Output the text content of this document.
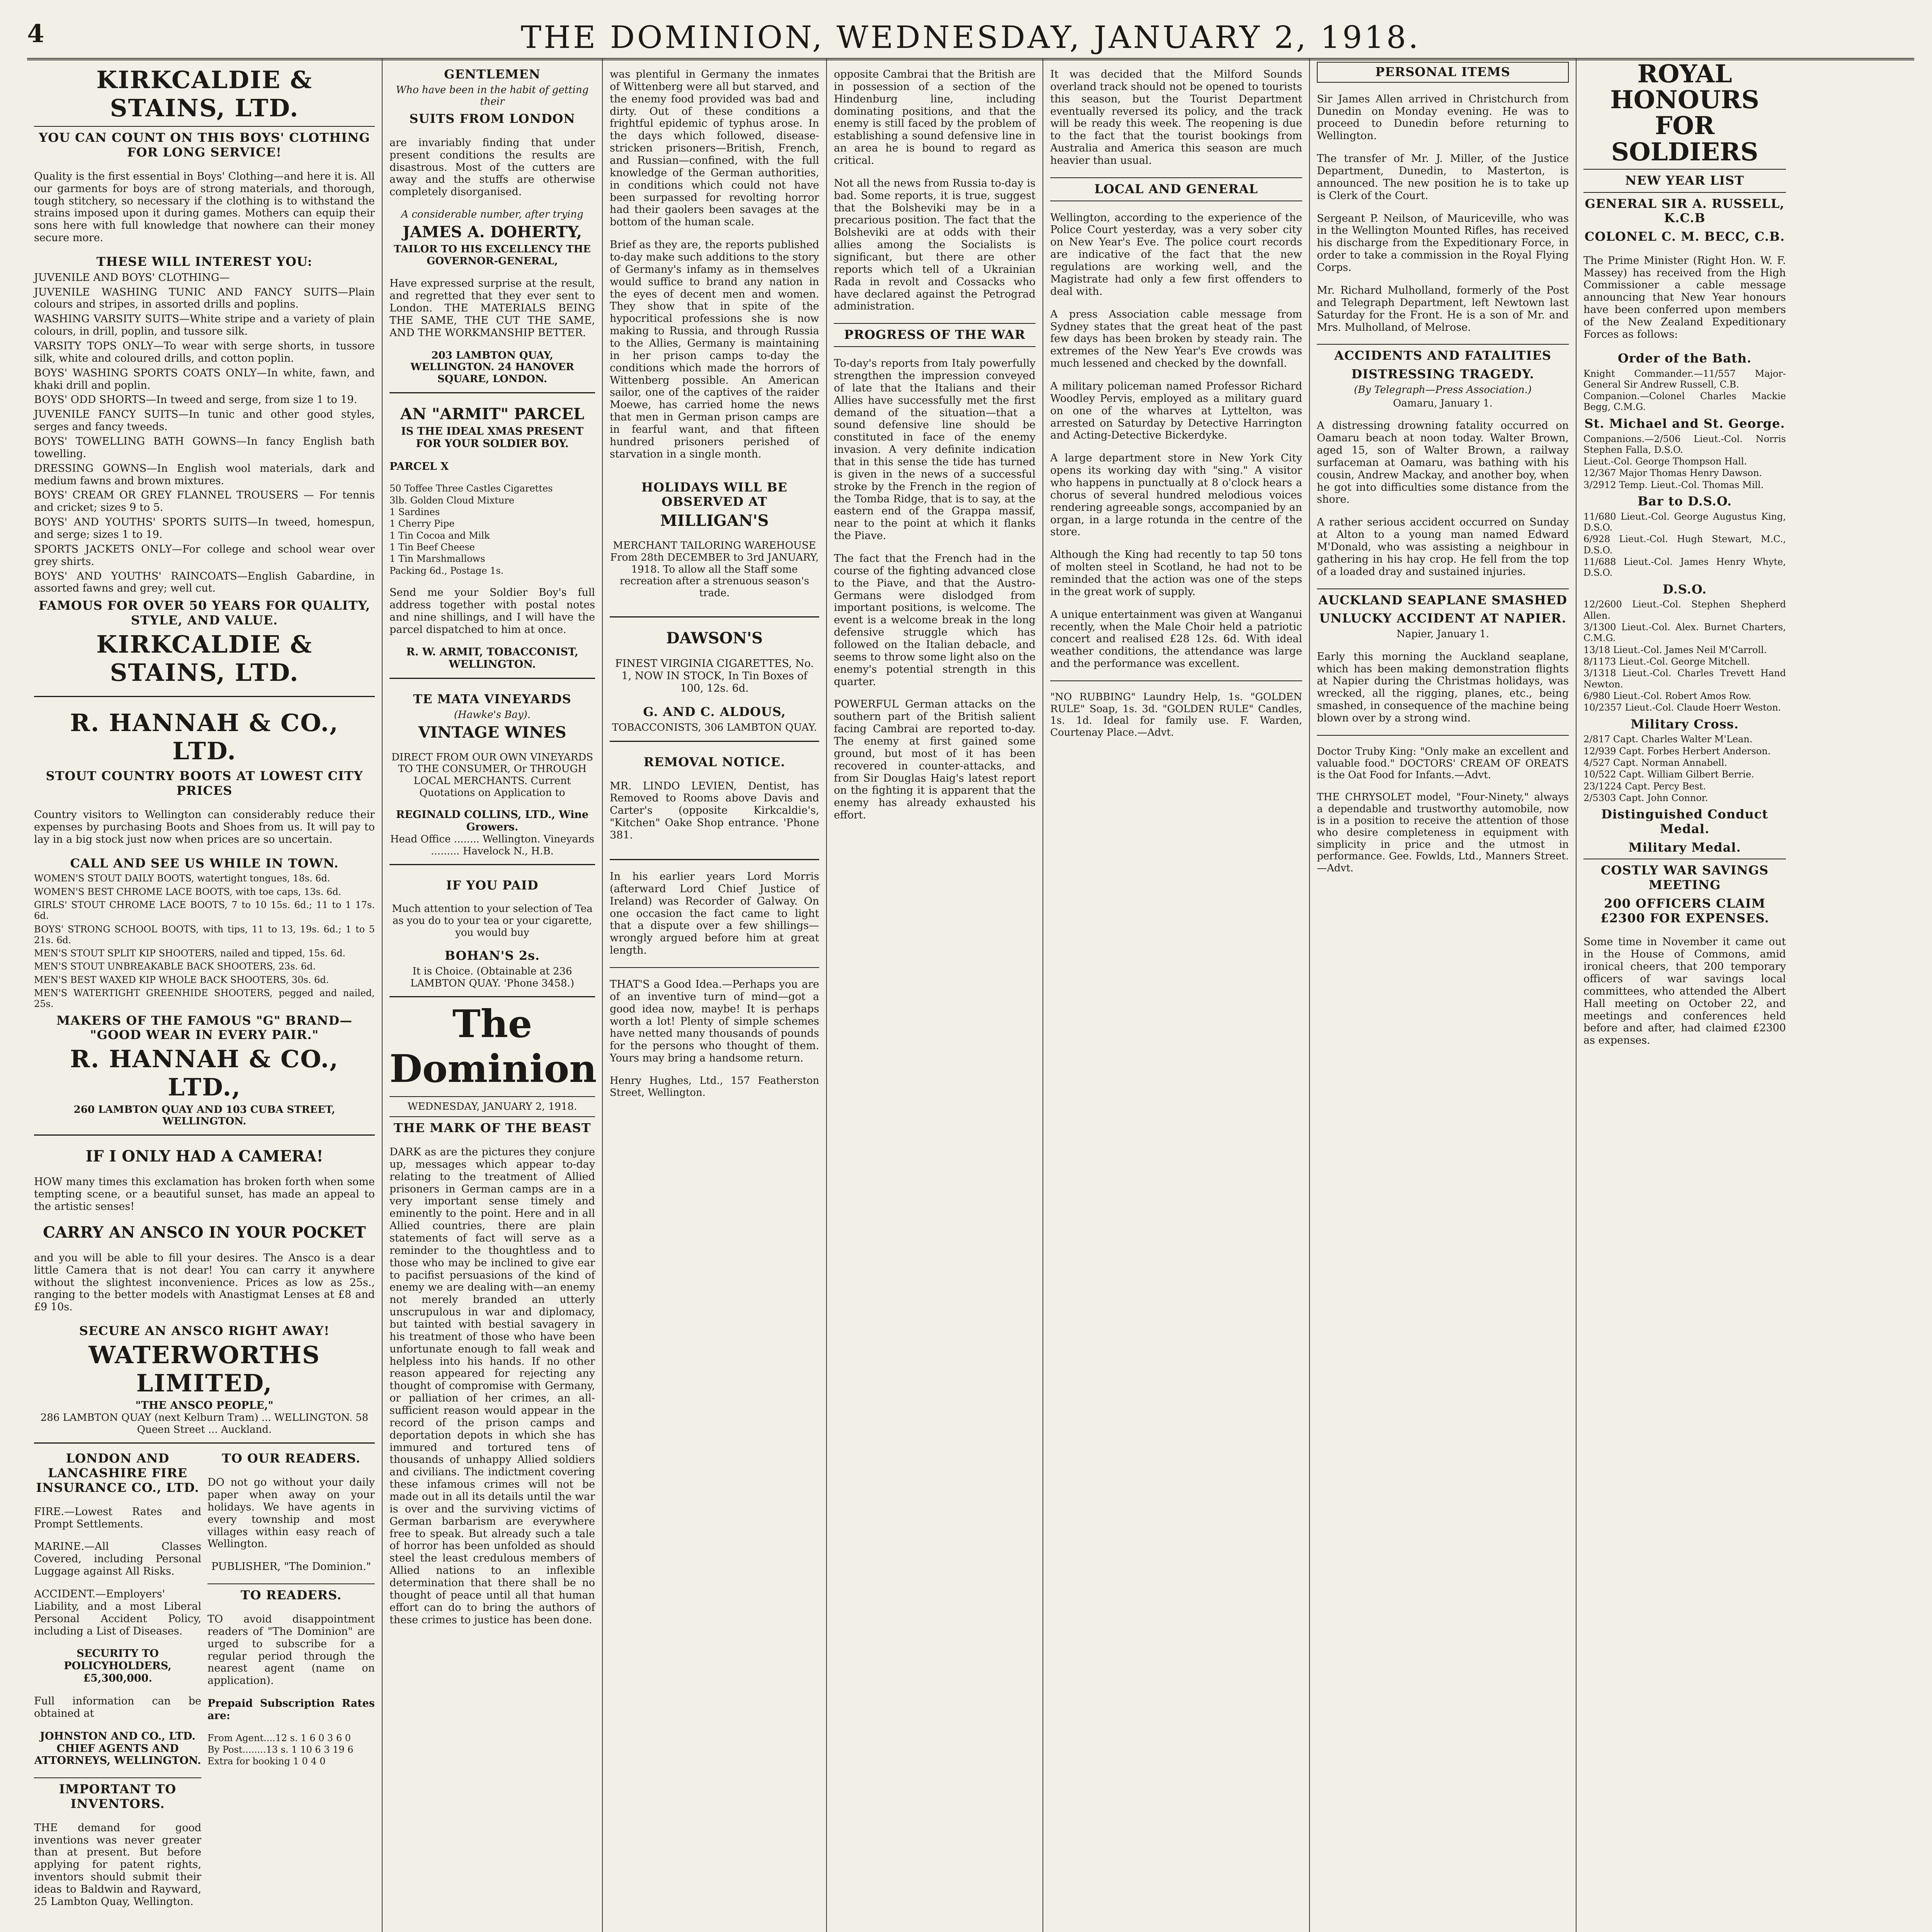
4	THE DOMINION, WEDNESDAY, JANUARY 2, 1918.
KIRKCALDIE & STAINS, LTD.
YOU CAN COUNT ON THIS BOYS' CLOTHING FOR LONG SERVICE!

Quality is the first essential in Boys' Clothing—and here it is. All our garments for boys are of strong materials, and thorough, tough stitchery, so necessary if the clothing is to withstand the strains imposed upon it during games. Mothers can equip their sons here with full knowledge that nowhere can their money secure more.

THESE WILL INTEREST YOU:

JUVENILE AND BOYS' CLOTHING—

JUVENILE WASHING TUNIC AND FANCY SUITS—Plain colours and stripes, in assorted drills and poplins.

WASHING VARSITY SUITS—White stripe and a variety of plain colours, in drill, poplin, and tussore silk.

VARSITY TOPS ONLY—To wear with serge shorts, in tussore silk, white and coloured drills, and cotton poplin.

BOYS' WASHING SPORTS COATS ONLY—In white, fawn, and khaki drill and poplin.

BOYS' ODD SHORTS—In tweed and serge, from size 1 to 19.

JUVENILE FANCY SUITS—In tunic and other good styles, serges and fancy tweeds.

BOYS' TOWELLING BATH GOWNS—In fancy English bath towelling.

DRESSING GOWNS—In English wool materials, dark and medium fawns and brown mixtures.

BOYS' CREAM OR GREY FLANNEL TROUSERS — For tennis and cricket; sizes 9 to 5.

BOYS' AND YOUTHS' SPORTS SUITS—In tweed, homespun, and serge; sizes 1 to 19.

SPORTS JACKETS ONLY—For college and school wear over grey shirts.

BOYS' AND YOUTHS' RAINCOATS—English Gabardine, in assorted fawns and grey; well cut.

FAMOUS FOR OVER 50 YEARS FOR QUALITY, STYLE, AND VALUE.
KIRKCALDIE & STAINS, LTD.
R. HANNAH & CO., LTD.
STOUT COUNTRY BOOTS AT LOWEST CITY PRICES

Country visitors to Wellington can considerably reduce their expenses by purchasing Boots and Shoes from us. It will pay to lay in a big stock just now when prices are so uncertain.

CALL AND SEE US WHILE IN TOWN.

WOMEN'S STOUT DAILY BOOTS, watertight tongues, 18s. 6d.

WOMEN'S BEST CHROME LACE BOOTS, with toe caps, 13s. 6d.

GIRLS' STOUT CHROME LACE BOOTS, 7 to 10 15s. 6d.; 11 to 1 17s. 6d.

BOYS' STRONG SCHOOL BOOTS, with tips, 11 to 13, 19s. 6d.; 1 to 5 21s. 6d.

MEN'S STOUT SPLIT KIP SHOOTERS, nailed and tipped, 15s. 6d.

MEN'S STOUT UNBREAKABLE BACK SHOOTERS, 23s. 6d.

MEN'S BEST WAXED KIP WHOLE BACK SHOOTERS, 30s. 6d.

MEN'S WATERTIGHT GREENHIDE SHOOTERS, pegged and nailed, 25s.

MAKERS OF THE FAMOUS "G" BRAND— "GOOD WEAR IN EVERY PAIR."
R. HANNAH & CO., LTD.,
260 LAMBTON QUAY AND 103 CUBA STREET, WELLINGTON.
IF I ONLY HAD A CAMERA!

HOW many times this exclamation has broken forth when some tempting scene, or a beautiful sunset, has made an appeal to the artistic senses!

CARRY AN ANSCO IN YOUR POCKET

and you will be able to fill your desires. The Ansco is a dear little Camera that is not dear! You can carry it anywhere without the slightest inconvenience. Prices as low as 25s., ranging to the better models with Anastigmat Lenses at £8 and £9 10s.

SECURE AN ANSCO RIGHT AWAY!
WATERWORTHS LIMITED,
"THE ANSCO PEOPLE,"
286 LAMBTON QUAY (next Kelburn Tram) ... WELLINGTON. 58 Queen Street ... Auckland.
LONDON AND LANCASHIRE FIRE INSURANCE CO., LTD.

FIRE.—Lowest Rates and Prompt Settlements.

MARINE.—All Classes Covered, including Personal Luggage against All Risks.

ACCIDENT.—Employers' Liability, and a most Liberal Personal Accident Policy, including a List of Diseases.

SECURITY TO POLICYHOLDERS, £5,300,000.

Full information can be obtained at

JOHNSTON AND CO., LTD. CHIEF AGENTS AND ATTORNEYS, WELLINGTON.

IMPORTANT TO INVENTORS.

THE demand for good inventions was never greater than at present. But before applying for patent rights, inventors should submit their ideas to Baldwin and Rayward, 25 Lambton Quay, Wellington.

TO OUR READERS.

DO not go without your daily paper when away on your holidays. We have agents in every township and most villages within easy reach of Wellington.

PUBLISHER, "The Dominion."

TO READERS.

TO avoid disappointment readers of "The Dominion" are urged to subscribe for a regular period through the nearest agent (name on application).

Prepaid Subscription Rates are:

From Agent....12 s. 1 6 0 3 6 0

By Post........13 s. 1 10 6 3 19 6

Extra for booking 1 0 4 0

GENTLEMEN
Who have been in the habit of getting their
SUITS FROM LONDON

are invariably finding that under present conditions the results are disastrous. Most of the cutters are away and the stuffs are otherwise completely disorganised.

A considerable number, after trying
JAMES A. DOHERTY,
TAILOR TO HIS EXCELLENCY THE GOVERNOR-GENERAL,

Have expressed surprise at the result, and regretted that they ever sent to London. THE MATERIALS BEING THE SAME, THE CUT THE SAME, AND THE WORKMANSHIP BETTER.

203 LAMBTON QUAY, WELLINGTON. 24 HANOVER SQUARE, LONDON.
AN "ARMIT" PARCEL
IS THE IDEAL XMAS PRESENT FOR YOUR SOLDIER BOY.

PARCEL X

50 Toffee Three Castles Cigarettes

3lb. Golden Cloud Mixture

1 Sardines

1 Cherry Pipe

1 Tin Cocoa and Milk

1 Tin Beef Cheese

1 Tin Marshmallows

Packing 6d., Postage 1s.

Send me your Soldier Boy's full address together with postal notes and nine shillings, and I will have the parcel dispatched to him at once.

R. W. ARMIT, TOBACCONIST, WELLINGTON.
TE MATA VINEYARDS
(Hawke's Bay).
VINTAGE WINES

DIRECT FROM OUR OWN VINEYARDS TO THE CONSUMER, Or THROUGH LOCAL MERCHANTS. Current Quotations on Application to

REGINALD COLLINS, LTD., Wine Growers.
Head Office ........ Wellington. Vineyards ......... Havelock N., H.B.
IF YOU PAID

Much attention to your selection of Tea as you do to your tea or your cigarette, you would buy

BOHAN'S 2s.
It is Choice. (Obtainable at 236 LAMBTON QUAY. 'Phone 3458.)
The Dominion
WEDNESDAY, JANUARY 2, 1918.
THE MARK OF THE BEAST

DARK as are the pictures they conjure up, messages which appear to-day relating to the treatment of Allied prisoners in German camps are in a very important sense timely and eminently to the point. Here and in all Allied countries, there are plain statements of fact will serve as a reminder to the thoughtless and to those who may be inclined to give ear to pacifist persuasions of the kind of enemy we are dealing with—an enemy not merely branded an utterly unscrupulous in war and diplomacy, but tainted with bestial savagery in his treatment of those who have been unfortunate enough to fall weak and helpless into his hands. If no other reason appeared for rejecting any thought of compromise with Germany, or palliation of her crimes, an all-sufficient reason would appear in the record of the prison camps and deportation depots in which she has immured and tortured tens of thousands of unhappy Allied soldiers and civilians. The indictment covering these infamous crimes will not be made out in all its details until the war is over and the surviving victims of German barbarism are everywhere free to speak. But already such a tale of horror has been unfolded as should steel the least credulous members of Allied nations to an inflexible determination that there shall be no thought of peace until all that human effort can do to bring the authors of these crimes to justice has been done.

was plentiful in Germany the inmates of Wittenberg were all but starved, and the enemy food provided was bad and dirty. Out of these conditions a frightful epidemic of typhus arose. In the days which followed, disease-stricken prisoners—British, French, and Russian—confined, with the full knowledge of the German authorities, in conditions which could not have been surpassed for revolting horror had their gaolers been savages at the bottom of the human scale.

Brief as they are, the reports published to-day make such additions to the story of Germany's infamy as in themselves would suffice to brand any nation in the eyes of decent men and women. They show that in spite of the hypocritical professions she is now making to Russia, and through Russia to the Allies, Germany is maintaining in her prison camps to-day the conditions which made the horrors of Wittenberg possible. An American sailor, one of the captives of the raider Moewe, has carried home the news that men in German prison camps are in fearful want, and that fifteen hundred prisoners perished of starvation in a single month.

HOLIDAYS WILL BE OBSERVED AT
MILLIGAN'S

MERCHANT TAILORING WAREHOUSE From 28th DECEMBER to 3rd JANUARY, 1918. To allow all the Staff some recreation after a strenuous season's trade.

DAWSON'S

FINEST VIRGINIA CIGARETTES, No. 1, NOW IN STOCK, In Tin Boxes of 100, 12s. 6d.

G. AND C. ALDOUS,
TOBACCONISTS, 306 LAMBTON QUAY.
REMOVAL NOTICE.

MR. LINDO LEVIEN, Dentist, has Removed to Rooms above Davis and Carter's (opposite Kirkcaldie's, "Kitchen" Oake Shop entrance. 'Phone 381.

In his earlier years Lord Morris (afterward Lord Chief Justice of Ireland) was Recorder of Galway. On one occasion the fact came to light that a dispute over a few shillings—wrongly argued before him at great length.

THAT'S a Good Idea.—Perhaps you are of an inventive turn of mind—got a good idea now, maybe! It is perhaps worth a lot! Plenty of simple schemes have netted many thousands of pounds for the persons who thought of them. Yours may bring a handsome return.

Henry Hughes, Ltd., 157 Featherston Street, Wellington.

opposite Cambrai that the British are in possession of a section of the Hindenburg line, including dominating positions, and that the enemy is still faced by the problem of establishing a sound defensive line in an area he is bound to regard as critical.

Not all the news from Russia to-day is bad. Some reports, it is true, suggest that the Bolsheviki may be in a precarious position. The fact that the Bolsheviki are at odds with their allies among the Socialists is significant, but there are other reports which tell of a Ukrainian Rada in revolt and Cossacks who have declared against the Petrograd administration.

PROGRESS OF THE WAR

To-day's reports from Italy powerfully strengthen the impression conveyed of late that the Italians and their Allies have successfully met the first demand of the situation—that a sound defensive line should be constituted in face of the enemy invasion. A very definite indication that in this sense the tide has turned is given in the news of a successful stroke by the French in the region of the Tomba Ridge, that is to say, at the eastern end of the Grappa massif, near to the point at which it flanks the Piave.

The fact that the French had in the course of the fighting advanced close to the Piave, and that the Austro-Germans were dislodged from important positions, is welcome. The event is a welcome break in the long defensive struggle which has followed on the Italian debacle, and seems to throw some light also on the enemy's potential strength in this quarter.

POWERFUL German attacks on the southern part of the British salient facing Cambrai are reported to-day. The enemy at first gained some ground, but most of it has been recovered in counter-attacks, and from Sir Douglas Haig's latest report on the fighting it is apparent that the enemy has already exhausted his effort.

It was decided that the Milford Sounds overland track should not be opened to tourists this season, but the Tourist Department eventually reversed its policy, and the track will be ready this week. The reopening is due to the fact that the tourist bookings from Australia and America this season are much heavier than usual.

LOCAL AND GENERAL

Wellington, according to the experience of the Police Court yesterday, was a very sober city on New Year's Eve. The police court records are indicative of the fact that the new regulations are working well, and the Magistrate had only a few first offenders to deal with.

A press Association cable message from Sydney states that the great heat of the past few days has been broken by steady rain. The extremes of the New Year's Eve crowds was much lessened and checked by the downfall.

A military policeman named Professor Richard Woodley Pervis, employed as a military guard on one of the wharves at Lyttelton, was arrested on Saturday by Detective Harrington and Acting-Detective Bickerdyke.

A large department store in New York City opens its working day with "sing." A visitor who happens in punctually at 8 o'clock hears a chorus of several hundred melodious voices rendering agreeable songs, accompanied by an organ, in a large rotunda in the centre of the store.

Although the King had recently to tap 50 tons of molten steel in Scotland, he had not to be reminded that the action was one of the steps in the great work of supply.

A unique entertainment was given at Wanganui recently, when the Male Choir held a patriotic concert and realised £28 12s. 6d. With ideal weather conditions, the attendance was large and the performance was excellent.

"NO RUBBING" Laundry Help, 1s. "GOLDEN RULE" Soap, 1s. 3d. "GOLDEN RULE" Candles, 1s. 1d. Ideal for family use. F. Warden, Courtenay Place.—Advt.

PERSONAL ITEMS

Sir James Allen arrived in Christchurch from Dunedin on Monday evening. He was to proceed to Dunedin before returning to Wellington.

The transfer of Mr. J. Miller, of the Justice Department, Dunedin, to Masterton, is announced. The new position he is to take up is Clerk of the Court.

Sergeant P. Neilson, of Mauriceville, who was in the Wellington Mounted Rifles, has received his discharge from the Expeditionary Force, in order to take a commission in the Royal Flying Corps.

Mr. Richard Mulholland, formerly of the Post and Telegraph Department, left Newtown last Saturday for the Front. He is a son of Mr. and Mrs. Mulholland, of Melrose.

ACCIDENTS AND FATALITIES
DISTRESSING TRAGEDY.
(By Telegraph—Press Association.)
Oamaru, January 1.

A distressing drowning fatality occurred on Oamaru beach at noon today. Walter Brown, aged 15, son of Walter Brown, a railway surfaceman at Oamaru, was bathing with his cousin, Andrew Mackay, and another boy, when he got into difficulties some distance from the shore.

A rather serious accident occurred on Sunday at Alton to a young man named Edward M'Donald, who was assisting a neighbour in gathering in his hay crop. He fell from the top of a loaded dray and sustained injuries.

AUCKLAND SEAPLANE SMASHED
UNLUCKY ACCIDENT AT NAPIER.
Napier, January 1.

Early this morning the Auckland seaplane, which has been making demonstration flights at Napier during the Christmas holidays, was wrecked, all the rigging, planes, etc., being smashed, in consequence of the machine being blown over by a strong wind.

Doctor Truby King: "Only make an excellent and valuable food." DOCTORS' CREAM OF OREATS is the Oat Food for Infants.—Advt.

THE CHRYSOLET model, "Four-Ninety," always a dependable and trustworthy automobile, now is in a position to receive the attention of those who desire completeness in equipment with simplicity in price and the utmost in performance. Gee. Fowlds, Ltd., Manners Street.—Advt.

ROYAL HONOURS FOR SOLDIERS
NEW YEAR LIST
GENERAL SIR A. RUSSELL, K.C.B
COLONEL C. M. BECC, C.B.

The Prime Minister (Right Hon. W. F. Massey) has received from the High Commissioner a cable message announcing that New Year honours have been conferred upon members of the New Zealand Expeditionary Forces as follows:

Order of the Bath.

Knight Commander.—11/557 Major-General Sir Andrew Russell, C.B.

Companion.—Colonel Charles Mackie Begg, C.M.G.

St. Michael and St. George.

Companions.—2/506 Lieut.-Col. Norris Stephen Falla, D.S.O.

Lieut.-Col. George Thompson Hall.

12/367 Major Thomas Henry Dawson.

3/2912 Temp. Lieut.-Col. Thomas Mill.

Bar to D.S.O.

11/680 Lieut.-Col. George Augustus King, D.S.O.

6/928 Lieut.-Col. Hugh Stewart, M.C., D.S.O.

11/688 Lieut.-Col. James Henry Whyte, D.S.O.

D.S.O.

12/2600 Lieut.-Col. Stephen Shepherd Allen.

3/1300 Lieut.-Col. Alex. Burnet Charters, C.M.G.

13/18 Lieut.-Col. James Neil M'Carroll.

8/1173 Lieut.-Col. George Mitchell.

3/1318 Lieut.-Col. Charles Trevett Hand Newton.

6/980 Lieut.-Col. Robert Amos Row.

10/2357 Lieut.-Col. Claude Hoerr Weston.

Military Cross.

2/817 Capt. Charles Walter M'Lean.

12/939 Capt. Forbes Herbert Anderson.

4/527 Capt. Norman Annabell.

10/522 Capt. William Gilbert Berrie.

23/1224 Capt. Percy Best.

2/5303 Capt. John Connor.

Distinguished Conduct Medal.
Military Medal.
COSTLY WAR SAVINGS MEETING
200 OFFICERS CLAIM £2300 FOR EXPENSES.

Some time in November it came out in the House of Commons, amid ironical cheers, that 200 temporary officers of war savings local committees, who attended the Albert Hall meeting on October 22, and meetings and conferences held before and after, had claimed £2300 as expenses.
